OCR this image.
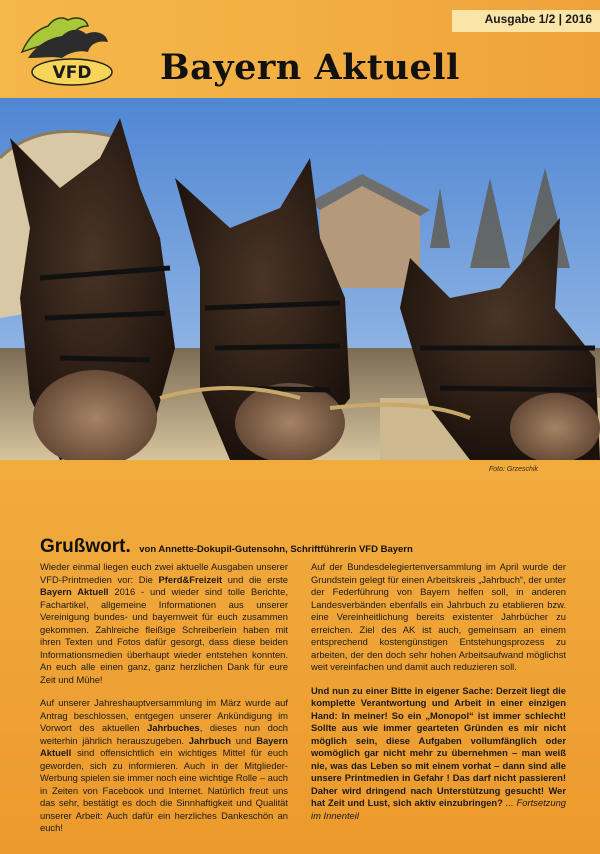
VFD
Ausgabe 1/2 | 2016
Bayern Aktuell
Foto: Grzeschik
Grußwort. von Annette-Dokupil-Gutensohn, Schriftführerin VFD Bayern

Wieder einmal liegen euch zwei aktuelle Ausgaben unserer VFD-Printmedien vor: Die Pferd&Freizeit und die erste Bayern Aktuell 2016 - und wieder sind tolle Berichte, Fachartikel, allgemeine Informationen aus unserer Vereinigung bundes- und bayernweit für euch zusammen gekommen. Zahlreiche fleißige Schreiberlein haben mit ihren Texten und Fotos dafür gesorgt, dass diese beiden Informationsmedien überhaupt wieder entstehen konnten. An euch alle einen ganz, ganz herzlichen Dank für eure Zeit und Mühe!

Auf unserer Jahreshauptversammlung im März wurde auf Antrag beschlossen, entgegen unserer Ankündigung im Vorwort des aktuellen Jahrbuches, dieses nun doch weiterhin jährlich herauszugeben. Jahrbuch und Bayern Aktuell sind offensichtlich ein wichtiges Mittel für euch geworden, sich zu informieren. Auch in der Mitglieder-Werbung spielen sie immer noch eine wichtige Rolle – auch in Zeiten von Facebook und Internet. Natürlich freut uns das sehr, bestätigt es doch die Sinnhaftigkeit und Qualität unserer Arbeit: Auch dafür ein herzliches Dankeschön an euch!

Auf der Bundesdelegiertenversammlung im April wurde der Grundstein gelegt für einen Arbeitskreis „Jahrbuch“, der unter der Federführung von Bayern helfen soll, in anderen Landesverbänden ebenfalls ein Jahrbuch zu etablieren bzw. eine Vereinheitlichung bereits existenter Jahrbücher zu erreichen. Ziel des AK ist auch, gemeinsam an einem entsprechend kostengünstigen Entstehungsprozess zu arbeiten, der den doch sehr hohen Arbeitsaufwand möglichst weit vereinfachen und damit auch reduzieren soll.

Und nun zu einer Bitte in eigener Sache: Derzeit liegt die komplette Verantwortung und Arbeit in einer einzigen Hand: In meiner! So ein „Monopol“ ist immer schlecht! Sollte aus wie immer gearteten Gründen es mir nicht möglich sein, diese Aufgaben vollumfänglich oder womöglich gar nicht mehr zu übernehmen – man weiß nie, was das Leben so mit einem vorhat – dann sind alle unsere Printmedien in Gefahr ! Das darf nicht passieren! Daher wird dringend nach Unterstützung gesucht! Wer hat Zeit und Lust, sich aktiv einzubringen? ... Fortsetzung im Innenteil
